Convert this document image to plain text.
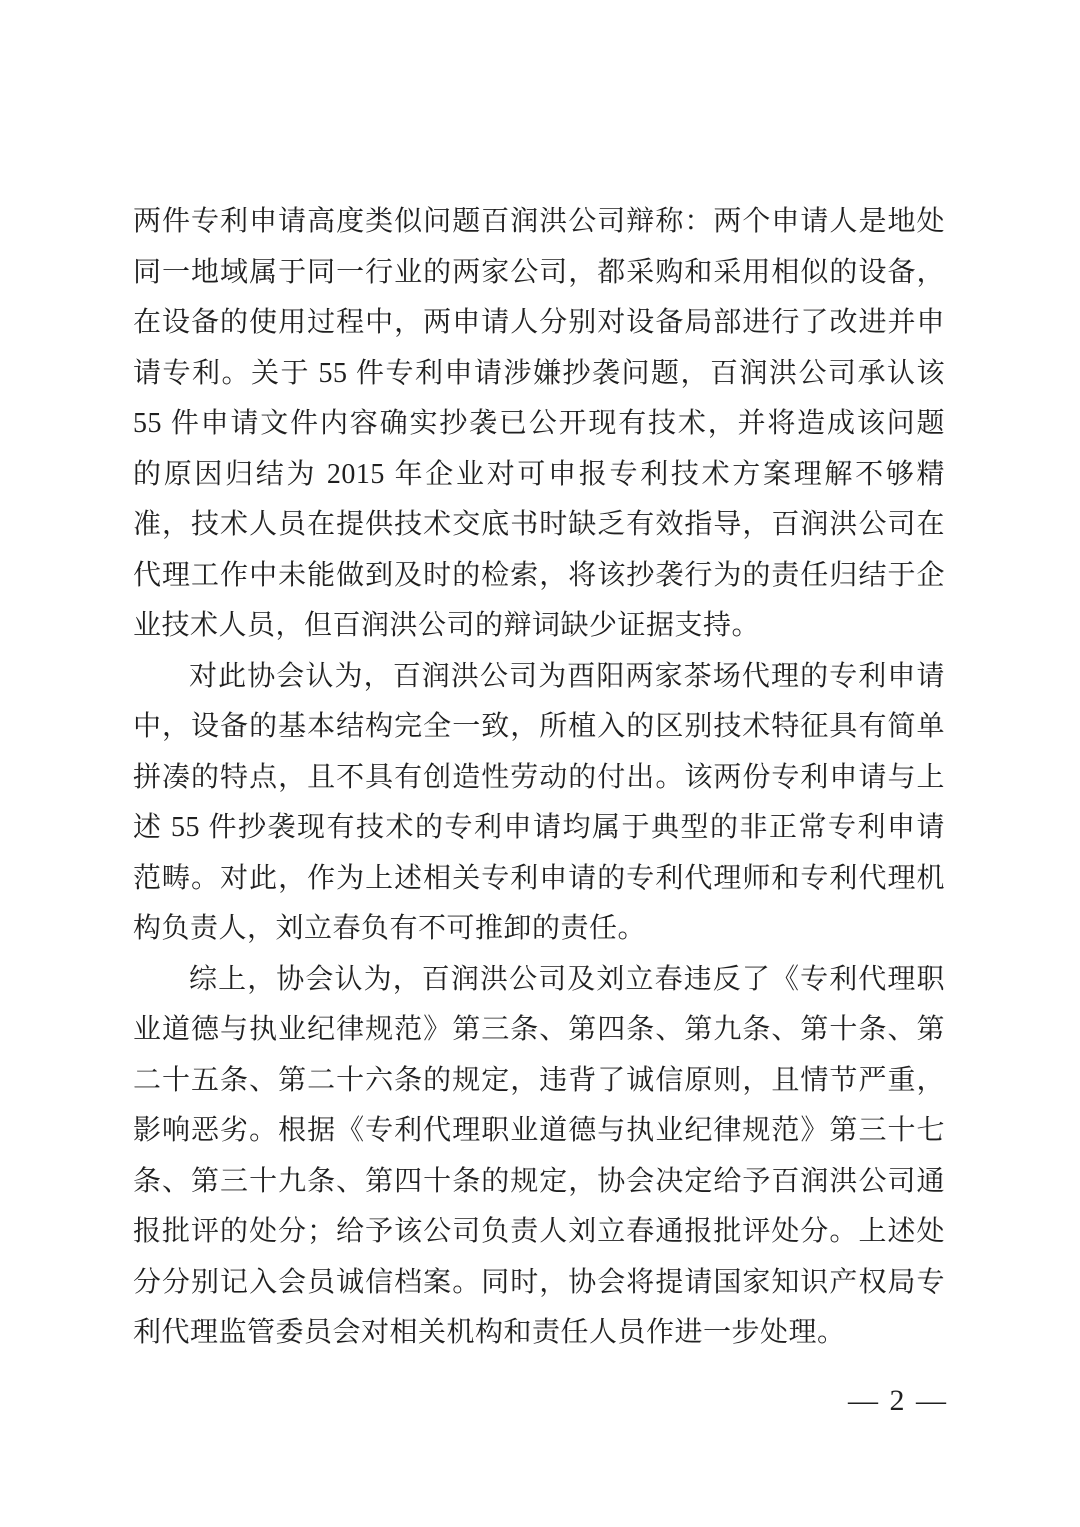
两件专利申请高度类似问题百润洪公司辩称：两个申请人是地处
同一地域属于同一行业的两家公司，都采购和采用相似的设备，
在设备的使用过程中，两申请人分别对设备局部进行了改进并申
请专利。关于 55 件专利申请涉嫌抄袭问题，百润洪公司承认该
55 件申请文件内容确实抄袭已公开现有技术，并将造成该问题
的原因归结为 2015 年企业对可申报专利技术方案理解不够精
准，技术人员在提供技术交底书时缺乏有效指导，百润洪公司在
代理工作中未能做到及时的检索，将该抄袭行为的责任归结于企
业技术人员，但百润洪公司的辩词缺少证据支持。
对此协会认为，百润洪公司为酉阳两家茶场代理的专利申请
中，设备的基本结构完全一致，所植入的区别技术特征具有简单
拼凑的特点，且不具有创造性劳动的付出。该两份专利申请与上
述 55 件抄袭现有技术的专利申请均属于典型的非正常专利申请
范畴。对此，作为上述相关专利申请的专利代理师和专利代理机
构负责人，刘立春负有不可推卸的责任。
综上，协会认为，百润洪公司及刘立春违反了《专利代理职
业道德与执业纪律规范》第三条、第四条、第九条、第十条、第
二十五条、第二十六条的规定，违背了诚信原则，且情节严重，
影响恶劣。根据《专利代理职业道德与执业纪律规范》第三十七
条、第三十九条、第四十条的规定，协会决定给予百润洪公司通
报批评的处分；给予该公司负责人刘立春通报批评处分。上述处
分分别记入会员诚信档案。同时，协会将提请国家知识产权局专
利代理监管委员会对相关机构和责任人员作进一步处理。
— 2 —
